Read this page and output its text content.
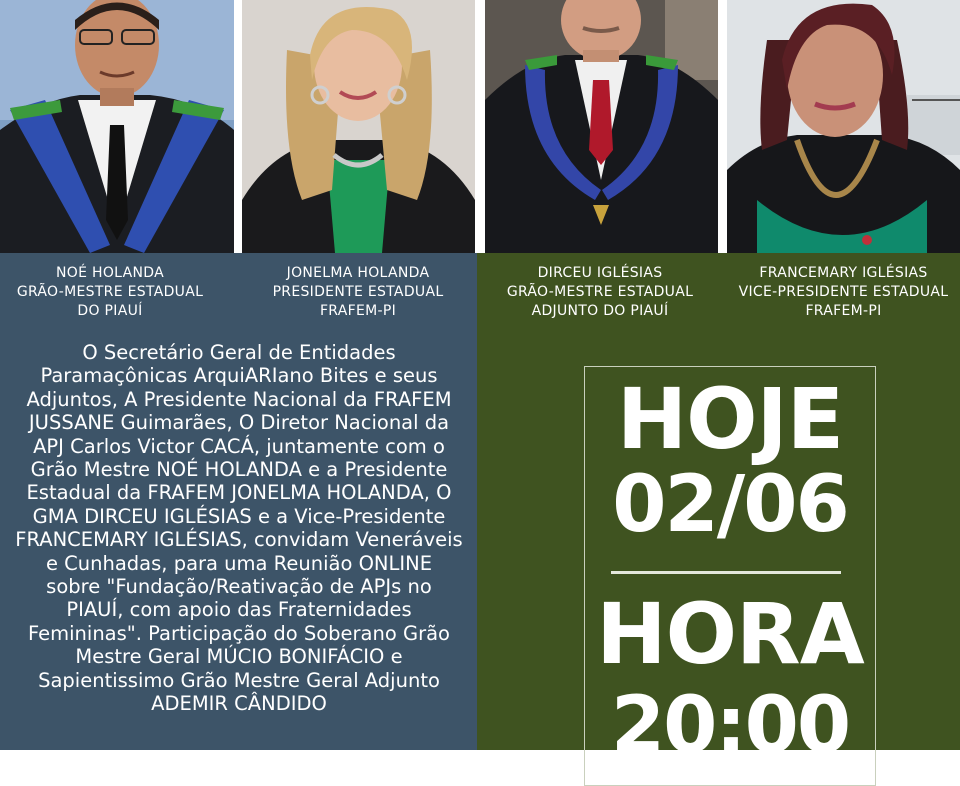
NOÉ HOLANDA
GRÃO-MESTRE ESTADUAL
DO PIAUÍ
JONELMA HOLANDA
PRESIDENTE ESTADUAL
FRAFEM-PI
O Secretário Geral de Entidades
Paramaçônicas ArquiARIano Bites e seus
Adjuntos, A Presidente Nacional da FRAFEM
JUSSANE Guimarães, O Diretor Nacional da
APJ Carlos Victor CACÁ, juntamente com o
Grão Mestre NOÉ HOLANDA e a Presidente
Estadual da FRAFEM JONELMA HOLANDA, O
GMA DIRCEU IGLÉSIAS e a Vice-Presidente
FRANCEMARY IGLÉSIAS, convidam Veneráveis
e Cunhadas, para uma Reunião ONLINE
sobre "Fundação/Reativação de APJs no
PIAUÍ, com apoio das Fraternidades
Femininas". Participação do Soberano Grão
Mestre Geral MÚCIO BONIFÁCIO e
Sapientissimo Grão Mestre Geral Adjunto
ADEMIR CÂNDIDO
DIRCEU IGLÉSIAS
GRÃO-MESTRE ESTADUAL
ADJUNTO DO PIAUÍ
FRANCEMARY IGLÉSIAS
VICE-PRESIDENTE ESTADUAL
FRAFEM-PI
HOJE
02/06
HORA
20:00
